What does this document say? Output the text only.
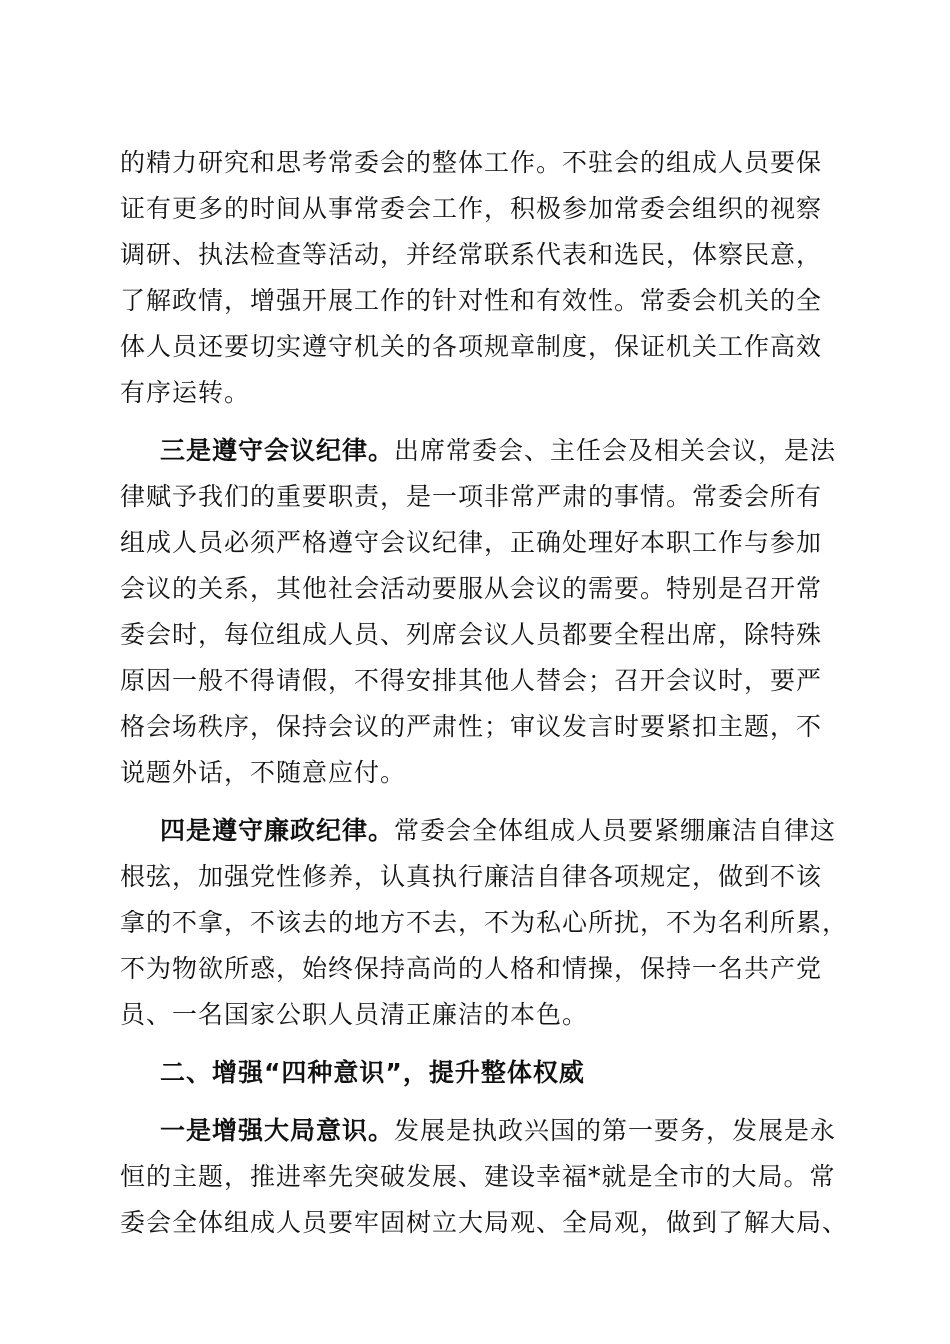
的精力研究和思考常委会的整体工作。不驻会的组成人员要保
证有更多的时间从事常委会工作，积极参加常委会组织的视察
调研、执法检查等活动，并经常联系代表和选民，体察民意，
了解政情，增强开展工作的针对性和有效性。常委会机关的全
体人员还要切实遵守机关的各项规章制度，保证机关工作高效
有序运转。
三是遵守会议纪律。出席常委会、主任会及相关会议，是法
律赋予我们的重要职责，是一项非常严肃的事情。常委会所有
组成人员必须严格遵守会议纪律，正确处理好本职工作与参加
会议的关系，其他社会活动要服从会议的需要。特别是召开常
委会时，每位组成人员、列席会议人员都要全程出席，除特殊
原因一般不得请假，不得安排其他人替会；召开会议时，要严
格会场秩序，保持会议的严肃性；审议发言时要紧扣主题，不
说题外话，不随意应付。
四是遵守廉政纪律。常委会全体组成人员要紧绷廉洁自律这
根弦，加强党性修养，认真执行廉洁自律各项规定，做到不该
拿的不拿，不该去的地方不去，不为私心所扰，不为名利所累，
不为物欲所惑，始终保持高尚的人格和情操，保持一名共产党
员、一名国家公职人员清正廉洁的本色。
二、增强“四种意识”，提升整体权威
一是增强大局意识。发展是执政兴国的第一要务，发展是永
恒的主题，推进率先突破发展、建设幸福*就是全市的大局。常
委会全体组成人员要牢固树立大局观、全局观，做到了解大局、
